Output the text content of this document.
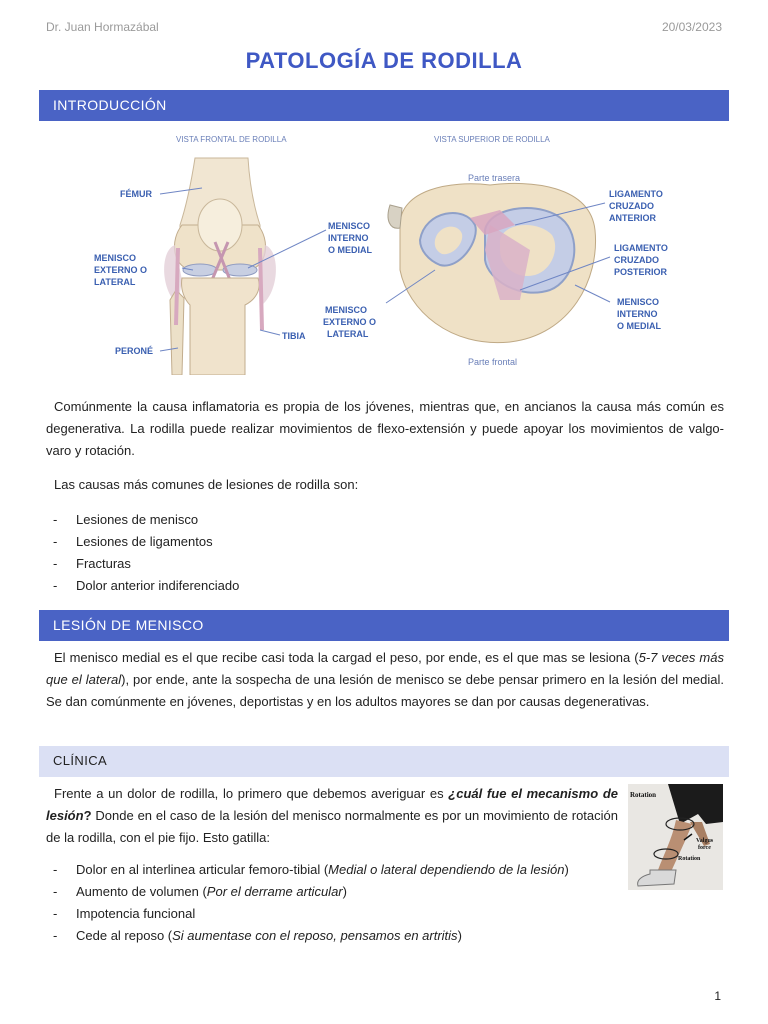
Dr. Juan Hormazábal	20/03/2023
PATOLOGÍA DE RODILLA
INTRODUCCIÓN
VISTA FRONTAL DE RODILLA	VISTA SUPERIOR DE RODILLA
FÉMUR
MENISCO
EXTERNO O
LATERAL
MENISCO
INTERNO
O MEDIAL
PERONÉ
TIBIA
Parte trasera
Parte frontal
LIGAMENTO
CRUZADO
ANTERIOR
LIGAMENTO
CRUZADO
POSTERIOR
MENISCO
INTERNO
O MEDIAL
MENISCO
EXTERNO O
LATERAL
Comúnmente la causa inflamatoria es propia de los jóvenes, mientras que, en ancianos la causa más común es degenerativa. La rodilla puede realizar movimientos de flexo-extensión y puede apoyar los movimientos de valgo-varo y rotación.
Las causas más comunes de lesiones de rodilla son:
- Lesiones de menisco
- Lesiones de ligamentos
- Fracturas
- Dolor anterior indiferenciado
LESIÓN DE MENISCO
El menisco medial es el que recibe casi toda la cargad el peso, por ende, es el que mas se lesiona (5-7 veces más que el lateral), por ende, ante la sospecha de una lesión de menisco se debe pensar primero en la lesión del medial. Se dan comúnmente en jóvenes, deportistas y en los adultos mayores se dan por causas degenerativas.
CLÍNICA
Frente a un dolor de rodilla, lo primero que debemos averiguar es ¿cuál fue el mecanismo de lesión? Donde en el caso de la lesión del menisco normalmente es por un movimiento de rotación de la rodilla, con el pie fijo. Esto gatilla:
Rotation
Valgus
force
Rotation
- Dolor en al interlinea articular femoro-tibial (Medial o lateral dependiendo de la lesión)
- Aumento de volumen (Por el derrame articular)
- Impotencia funcional
- Cede al reposo (Si aumentase con el reposo, pensamos en artritis)
1
